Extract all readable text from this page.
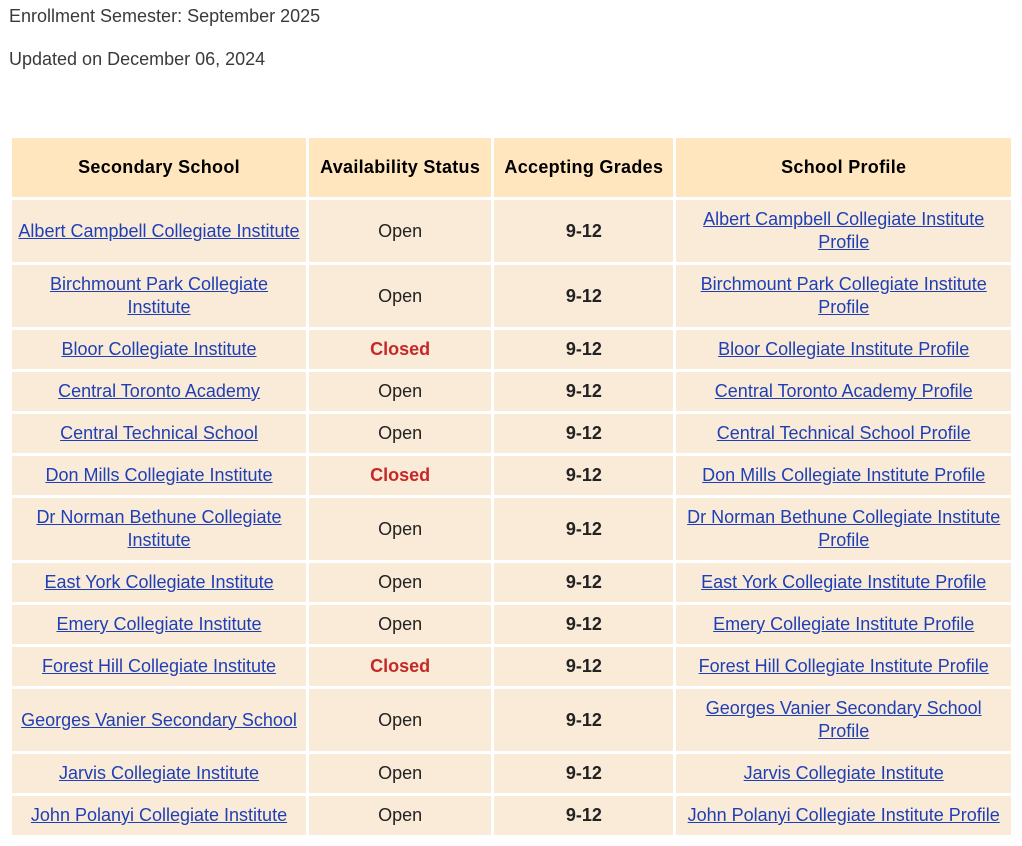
Enrollment Semester: September 2025

Updated on December 06, 2024

Secondary School	Availability Status	Accepting Grades	School Profile
Albert Campbell Collegiate Institute	Open	9-12	Albert Campbell Collegiate Institute Profile
Birchmount Park Collegiate Institute	Open	9-12	Birchmount Park Collegiate Institute Profile
Bloor Collegiate Institute	Closed	9-12	Bloor Collegiate Institute Profile
Central Toronto Academy	Open	9-12	Central Toronto Academy Profile
Central Technical School	Open	9-12	Central Technical School Profile
Don Mills Collegiate Institute	Closed	9-12	Don Mills Collegiate Institute Profile
Dr Norman Bethune Collegiate Institute	Open	9-12	Dr Norman Bethune Collegiate Institute Profile
East York Collegiate Institute	Open	9-12	East York Collegiate Institute Profile
Emery Collegiate Institute	Open	9-12	Emery Collegiate Institute Profile
Forest Hill Collegiate Institute	Closed	9-12	Forest Hill Collegiate Institute Profile
Georges Vanier Secondary School	Open	9-12	Georges Vanier Secondary School Profile
Jarvis Collegiate Institute	Open	9-12	Jarvis Collegiate Institute
John Polanyi Collegiate Institute	Open	9-12	John Polanyi Collegiate Institute Profile
